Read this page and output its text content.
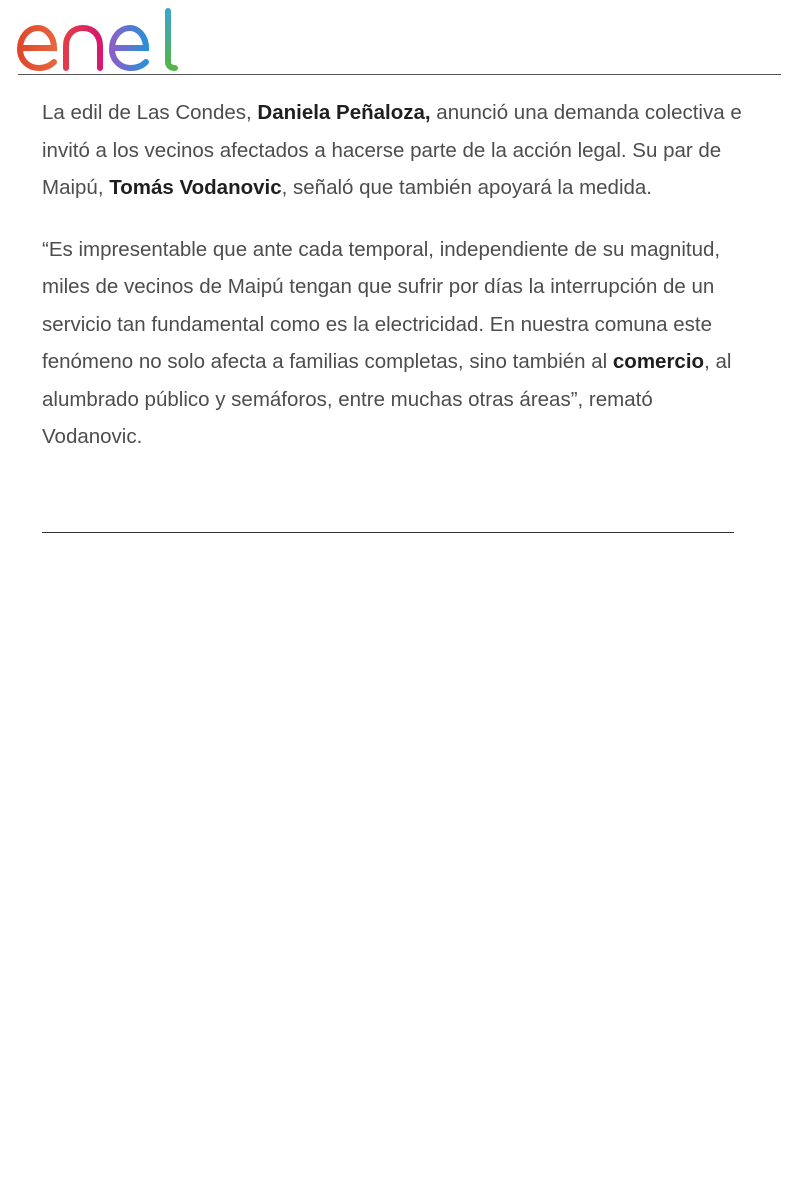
La edil de Las Condes, Daniela Peñaloza, anunció una demanda colectiva e invitó a los vecinos afectados a hacerse parte de la acción legal. Su par de Maipú, Tomás Vodanovic, señaló que también apoyará la medida.

“Es impresentable que ante cada temporal, independiente de su magnitud, miles de vecinos de Maipú tengan que sufrir por días la interrupción de un servicio tan fundamental como es la electricidad. En nuestra comuna este fenómeno no solo afecta a familias completas, sino también al comercio, al alumbrado público y semáforos, entre muchas otras áreas”, remató Vodanovic.
